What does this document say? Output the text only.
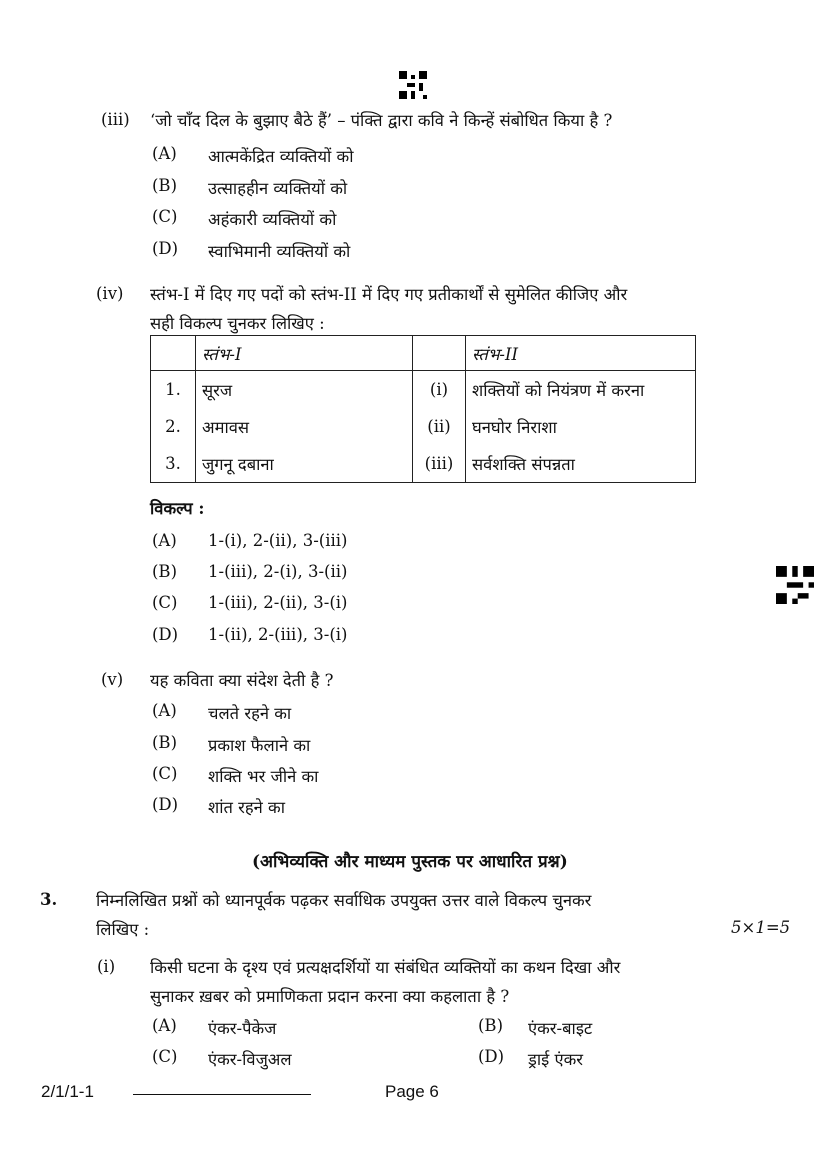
(iii) ‘जो चाँद दिल के बुझाए बैठे हैं’ – पंक्ति द्वारा कवि ने किन्हें संबोधित किया है ?
(A) आत्मकेंद्रित व्यक्तियों को
(B) उत्साहहीन व्यक्तियों को
(C) अहंकारी व्यक्तियों को
(D) स्वाभिमानी व्यक्तियों को
(iv) स्तंभ-I में दिए गए पदों को स्तंभ-II में दिए गए प्रतीकार्थों से सुमेलित कीजिए और
सही विकल्प चुनकर लिखिए :
	स्तंभ-I		स्तंभ-II
1.	सूरज	(i)	शक्तियों को नियंत्रण में करना
2.	अमावस	(ii)	घनघोर निराशा
3.	जुगनू दबाना	(iii)	सर्वशक्ति संपन्नता
विकल्प :
(A) 1-(i), 2-(ii), 3-(iii)
(B) 1-(iii), 2-(i), 3-(ii)
(C) 1-(iii), 2-(ii), 3-(i)
(D) 1-(ii), 2-(iii), 3-(i)
(v) यह कविता क्या संदेश देती है ?
(A) चलते रहने का
(B) प्रकाश फैलाने का
(C) शक्ति भर जीने का
(D) शांत रहने का
(अभिव्यक्ति और माध्यम पुस्तक पर आधारित प्रश्न)
3. निम्नलिखित प्रश्नों को ध्यानपूर्वक पढ़कर सर्वाधिक उपयुक्त उत्तर वाले विकल्प चुनकर
लिखिए :	5×1=5
(i) किसी घटना के दृश्य एवं प्रत्यक्षदर्शियों या संबंधित व्यक्तियों का कथन दिखा और
सुनाकर ख़बर को प्रमाणिकता प्रदान करना क्या कहलाता है ?
(A) एंकर-पैकेज	(B) एंकर-बाइट
(C) एंकर-विजुअल	(D) ड्राई एंकर
2/1/1-1	Page 6
